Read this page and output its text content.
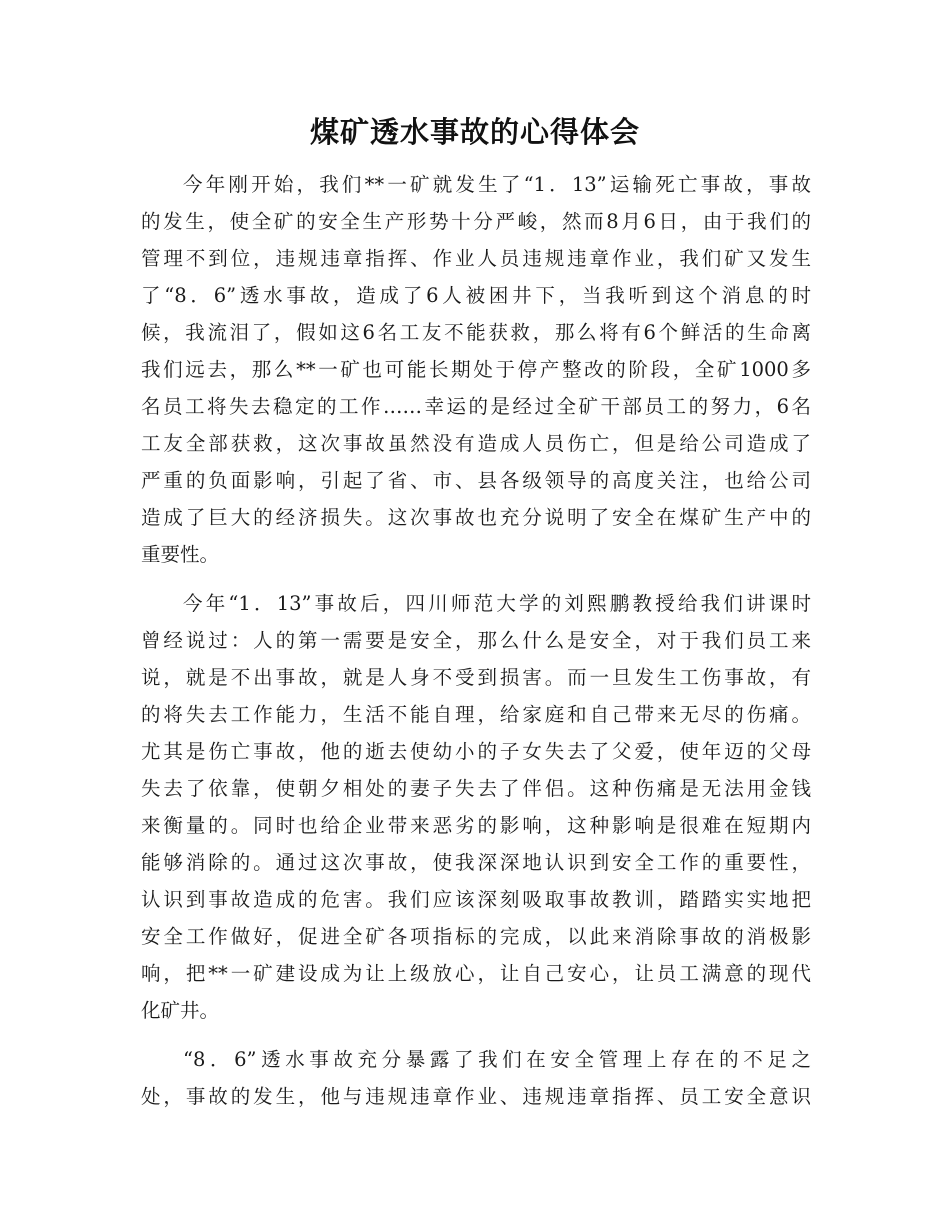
煤矿透水事故的心得体会
今年刚开始，我们**一矿就发生了“1．13”运输死亡事故，事故
的发生，使全矿的安全生产形势十分严峻，然而8月6日，由于我们的
管理不到位，违规违章指挥、作业人员违规违章作业，我们矿又发生
了“8．6”透水事故，造成了6人被困井下，当我听到这个消息的时
候，我流泪了，假如这6名工友不能获救，那么将有6个鲜活的生命离
我们远去，那么**一矿也可能长期处于停产整改的阶段，全矿1000多
名员工将失去稳定的工作……幸运的是经过全矿干部员工的努力，6名
工友全部获救，这次事故虽然没有造成人员伤亡，但是给公司造成了
严重的负面影响，引起了省、市、县各级领导的高度关注，也给公司
造成了巨大的经济损失。这次事故也充分说明了安全在煤矿生产中的
重要性。
今年“1．13”事故后，四川师范大学的刘熙鹏教授给我们讲课时
曾经说过：人的第一需要是安全，那么什么是安全，对于我们员工来
说，就是不出事故，就是人身不受到损害。而一旦发生工伤事故，有
的将失去工作能力，生活不能自理，给家庭和自己带来无尽的伤痛。
尤其是伤亡事故，他的逝去使幼小的子女失去了父爱，使年迈的父母
失去了依靠，使朝夕相处的妻子失去了伴侣。这种伤痛是无法用金钱
来衡量的。同时也给企业带来恶劣的影响，这种影响是很难在短期内
能够消除的。通过这次事故，使我深深地认识到安全工作的重要性，
认识到事故造成的危害。我们应该深刻吸取事故教训，踏踏实实地把
安全工作做好，促进全矿各项指标的完成，以此来消除事故的消极影
响，把**一矿建设成为让上级放心，让自己安心，让员工满意的现代
化矿井。
“8．6”透水事故充分暴露了我们在安全管理上存在的不足之
处，事故的发生，他与违规违章作业、违规违章指挥、员工安全意识
